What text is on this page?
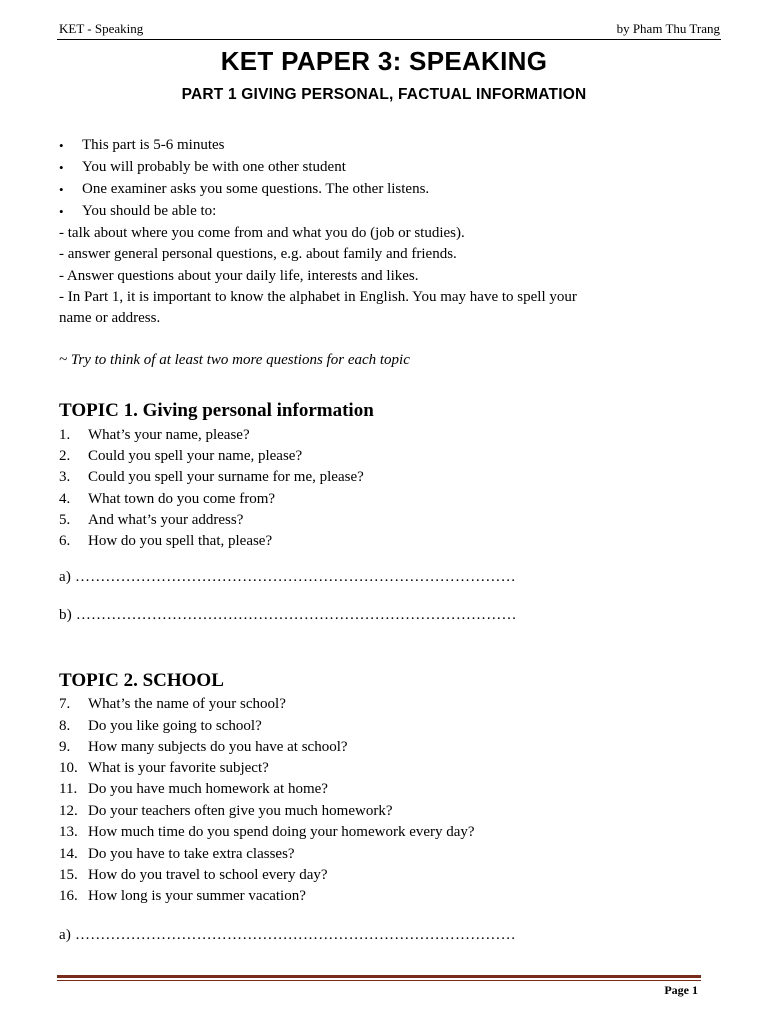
KET - Speaking	by Pham Thu Trang
KET PAPER 3: SPEAKING
PART 1 GIVING PERSONAL, FACTUAL INFORMATION
• This part is 5-6 minutes
• You will probably be with one other student
• One examiner asks you some questions. The other listens.
• You should be able to:
- talk about where you come from and what you do (job or studies).
- answer general personal questions, e.g. about family and friends.
- Answer questions about your daily life, interests and likes.
- In Part 1, it is important to know the alphabet in English. You may have to spell your
name or address.
~ Try to think of at least two more questions for each topic
TOPIC 1. Giving personal information
1. What’s your name, please?
2. Could you spell your name, please?
3. Could you spell your surname for me, please?
4. What town do you come from?
5. And what’s your address?
6. How do you spell that, please?
a) ……………………………………………………………………………
b) ……………………………………………………………………………
TOPIC 2. SCHOOL
7. What’s the name of your school?
8. Do you like going to school?
9. How many subjects do you have at school?
10. What is your favorite subject?
11. Do you have much homework at home?
12. Do your teachers often give you much homework?
13. How much time do you spend doing your homework every day?
14. Do you have to take extra classes?
15. How do you travel to school every day?
16. How long is your summer vacation?
a) ……………………………………………………………………………
Page 1
